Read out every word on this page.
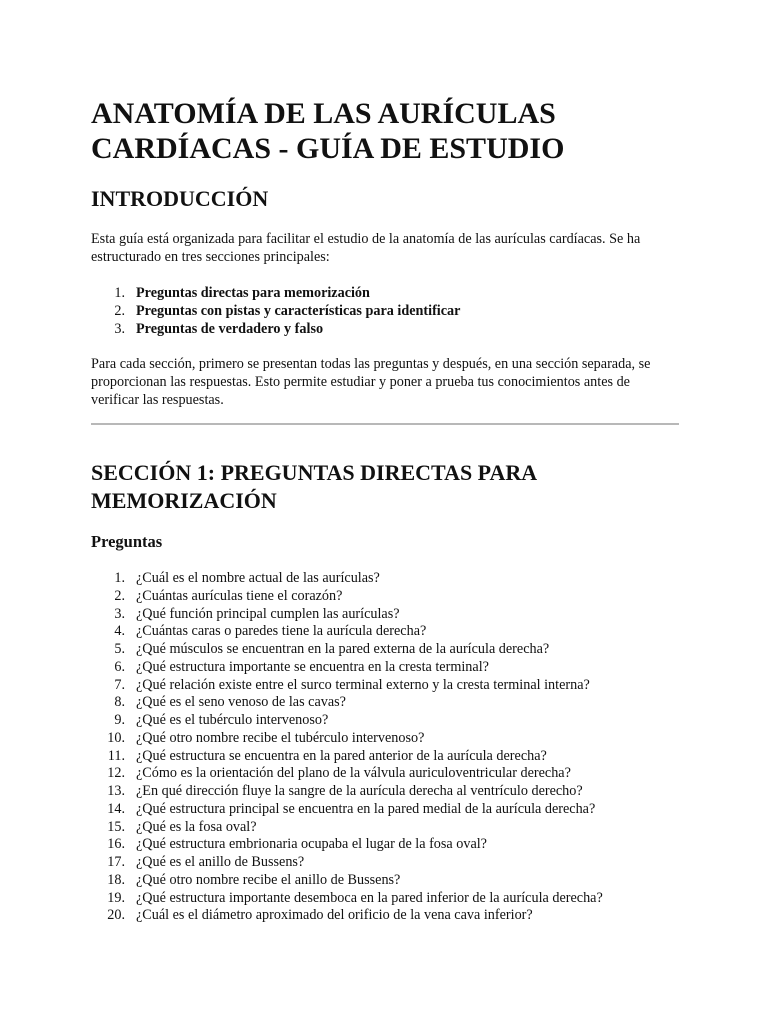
ANATOMÍA DE LAS AURÍCULAS
CARDÍACAS - GUÍA DE ESTUDIO
INTRODUCCIÓN

Esta guía está organizada para facilitar el estudio de la anatomía de las aurículas cardíacas. Se ha estructurado en tres secciones principales:

1. Preguntas directas para memorización
2. Preguntas con pistas y características para identificar
3. Preguntas de verdadero y falso

Para cada sección, primero se presentan todas las preguntas y después, en una sección separada, se proporcionan las respuestas. Esto permite estudiar y poner a prueba tus conocimientos antes de verificar las respuestas.

SECCIÓN 1: PREGUNTAS DIRECTAS PARA
MEMORIZACIÓN
Preguntas
1. ¿Cuál es el nombre actual de las aurículas?
2. ¿Cuántas aurículas tiene el corazón?
3. ¿Qué función principal cumplen las aurículas?
4. ¿Cuántas caras o paredes tiene la aurícula derecha?
5. ¿Qué músculos se encuentran en la pared externa de la aurícula derecha?
6. ¿Qué estructura importante se encuentra en la cresta terminal?
7. ¿Qué relación existe entre el surco terminal externo y la cresta terminal interna?
8. ¿Qué es el seno venoso de las cavas?
9. ¿Qué es el tubérculo intervenoso?
10. ¿Qué otro nombre recibe el tubérculo intervenoso?
11. ¿Qué estructura se encuentra en la pared anterior de la aurícula derecha?
12. ¿Cómo es la orientación del plano de la válvula auriculoventricular derecha?
13. ¿En qué dirección fluye la sangre de la aurícula derecha al ventrículo derecho?
14. ¿Qué estructura principal se encuentra en la pared medial de la aurícula derecha?
15. ¿Qué es la fosa oval?
16. ¿Qué estructura embrionaria ocupaba el lugar de la fosa oval?
17. ¿Qué es el anillo de Bussens?
18. ¿Qué otro nombre recibe el anillo de Bussens?
19. ¿Qué estructura importante desemboca en la pared inferior de la aurícula derecha?
20. ¿Cuál es el diámetro aproximado del orificio de la vena cava inferior?
